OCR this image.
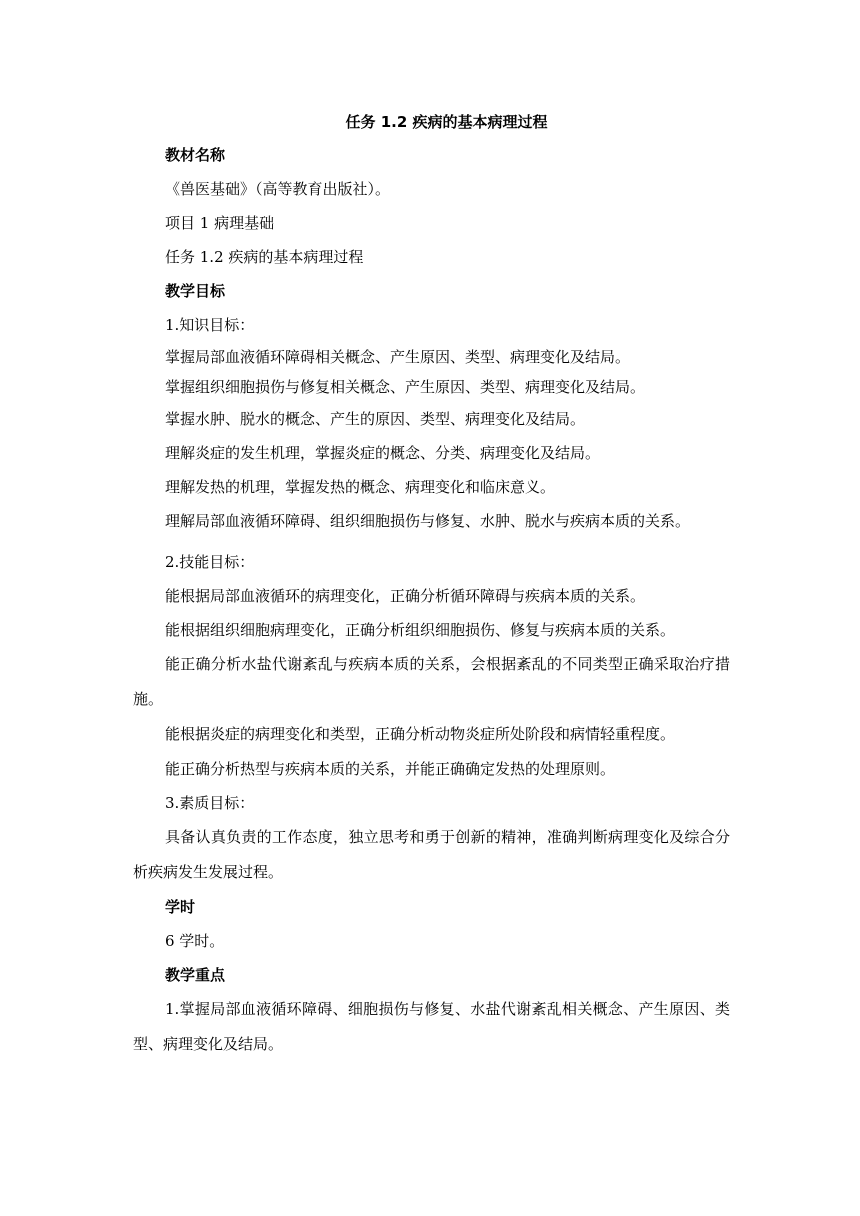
任务 1.2 疾病的基本病理过程
教材名称
《兽医基础》（高等教育出版社）。
项目 1 病理基础
任务 1.2 疾病的基本病理过程
教学目标
1.知识目标：
掌握局部血液循环障碍相关概念、产生原因、类型、病理变化及结局。
掌握组织细胞损伤与修复相关概念、产生原因、类型、病理变化及结局。
掌握水肿、脱水的概念、产生的原因、类型、病理变化及结局。
理解炎症的发生机理，掌握炎症的概念、分类、病理变化及结局。
理解发热的机理，掌握发热的概念、病理变化和临床意义。
理解局部血液循环障碍、组织细胞损伤与修复、水肿、脱水与疾病本质的关系。
2.技能目标：
能根据局部血液循环的病理变化，正确分析循环障碍与疾病本质的关系。
能根据组织细胞病理变化，正确分析组织细胞损伤、修复与疾病本质的关系。
能正确分析水盐代谢紊乱与疾病本质的关系，会根据紊乱的不同类型正确采取治疗措施。
能根据炎症的病理变化和类型，正确分析动物炎症所处阶段和病情轻重程度。
能正确分析热型与疾病本质的关系，并能正确确定发热的处理原则。
3.素质目标：
具备认真负责的工作态度，独立思考和勇于创新的精神，准确判断病理变化及综合分析疾病发生发展过程。
学时
6 学时。
教学重点
1.掌握局部血液循环障碍、细胞损伤与修复、水盐代谢紊乱相关概念、产生原因、类型、病理变化及结局。
